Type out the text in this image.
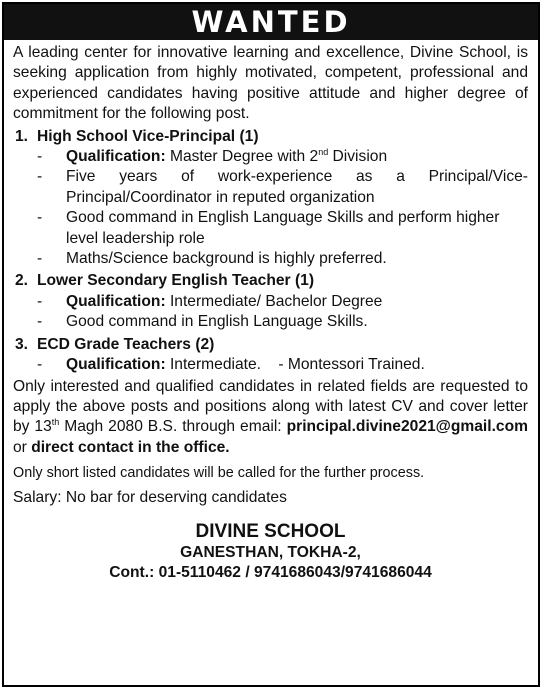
WANTED
A leading center for innovative learning and excellence, Divine School, is seeking application from highly motivated, competent, professional and experienced candidates having positive attitude and higher degree of commitment for the following post.
1. High School Vice-Principal (1)
- Qualification: Master Degree with 2nd Division
- Five years of work-experience as a Principal/Vice-Principal/Coordinator in reputed organization
- Good command in English Language Skills and perform higher level leadership role
- Maths/Science background is highly preferred.
2. Lower Secondary English Teacher (1)
- Qualification: Intermediate/ Bachelor Degree
- Good command in English Language Skills.
3. ECD Grade Teachers (2)
- Qualification: Intermediate. - Montessori Trained.
Only interested and qualified candidates in related fields are requested to apply the above posts and positions along with latest CV and cover letter by 13th Magh 2080 B.S. through email: principal.divine2021@gmail.com or direct contact in the office.
Only short listed candidates will be called for the further process.
Salary: No bar for deserving candidates
DIVINE SCHOOL
GANESTHAN, TOKHA-2,
Cont.: 01-5110462 / 9741686043/9741686044
